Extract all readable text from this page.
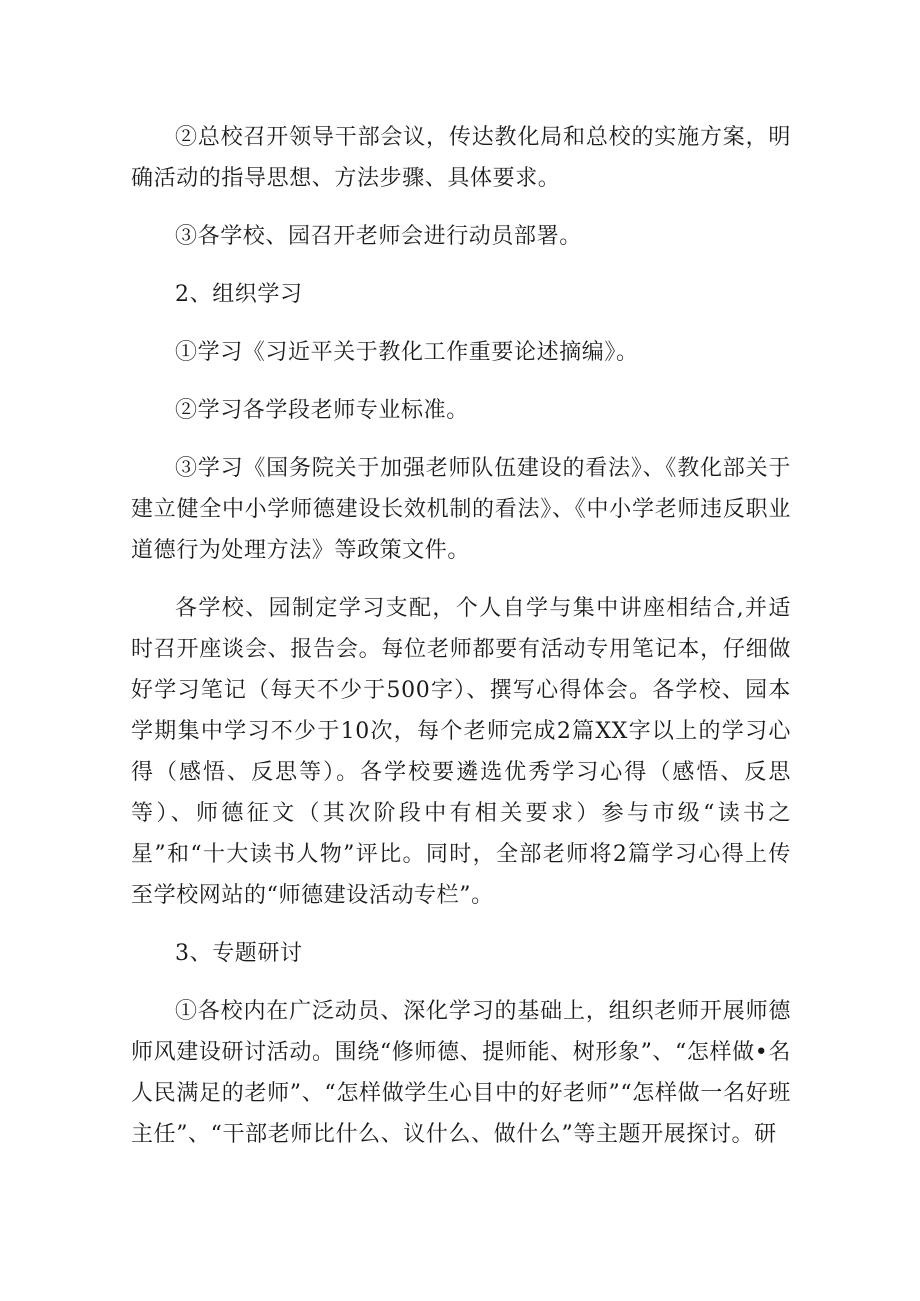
②总校召开领导干部会议，传达教化局和总校的实施方案，明确活动的指导思想、方法步骤、具体要求。

③各学校、园召开老师会进行动员部署。

2、组织学习

①学习《习近平关于教化工作重要论述摘编》。

②学习各学段老师专业标准。

③学习《国务院关于加强老师队伍建设的看法》、《教化部关于建立健全中小学师德建设长效机制的看法》、《中小学老师违反职业道德行为处理方法》等政策文件。

各学校、园制定学习支配，个人自学与集中讲座相结合,并适时召开座谈会、报告会。每位老师都要有活动专用笔记本，仔细做好学习笔记（每天不少于500字）、撰写心得体会。各学校、园本学期集中学习不少于10次，每个老师完成2篇XX字以上的学习心得（感悟、反思等）。各学校要遴选优秀学习心得（感悟、反思等）、师德征文（其次阶段中有相关要求）参与市级“读书之星”和“十大读书人物”评比。同时，全部老师将2篇学习心得上传至学校网站的“师德建设活动专栏”。

3、专题研讨

①各校内在广泛动员、深化学习的基础上，组织老师开展师德师风建设研讨活动。围绕“修师德、提师能、树形象”、“怎样做•名人民满足的老师”、“怎样做学生心目中的好老师”“怎样做一名好班主任”、“干部老师比什么、议什么、做什么”等主题开展探讨。研
